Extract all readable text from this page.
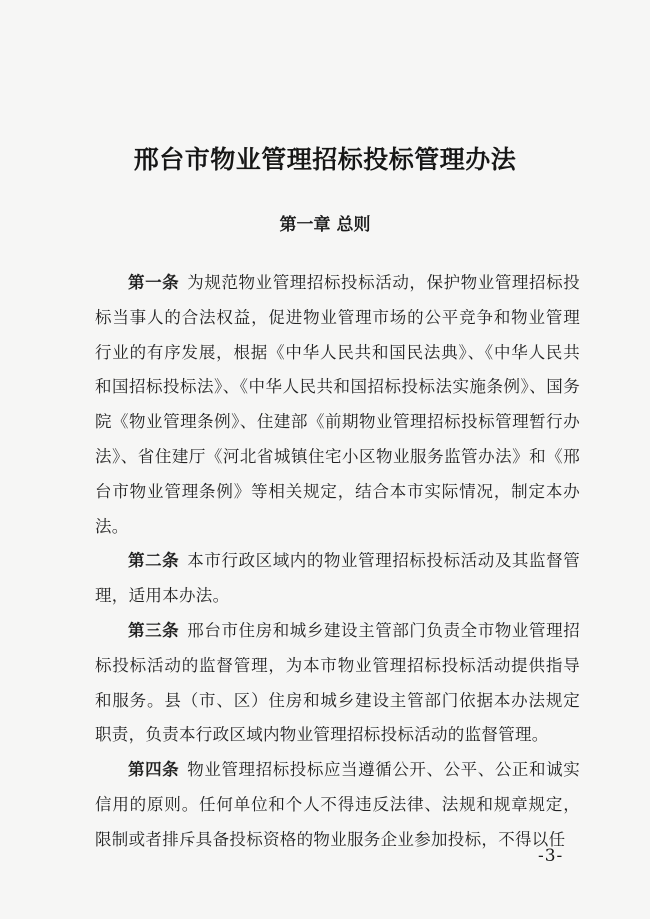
邢台市物业管理招标投标管理办法
第一章 总则

第一条 为规范物业管理招标投标活动，保护物业管理招标投标当事人的合法权益，促进物业管理市场的公平竞争和物业管理行业的有序发展，根据《中华人民共和国民法典》、《中华人民共和国招标投标法》、《中华人民共和国招标投标法实施条例》、国务院《物业管理条例》、住建部《前期物业管理招标投标管理暂行办法》、省住建厅《河北省城镇住宅小区物业服务监管办法》和《邢台市物业管理条例》等相关规定，结合本市实际情况，制定本办法。

第二条 本市行政区域内的物业管理招标投标活动及其监督管理，适用本办法。

第三条 邢台市住房和城乡建设主管部门负责全市物业管理招标投标活动的监督管理，为本市物业管理招标投标活动提供指导和服务。县（市、区）住房和城乡建设主管部门依据本办法规定职责，负责本行政区域内物业管理招标投标活动的监督管理。

第四条 物业管理招标投标应当遵循公开、公平、公正和诚实信用的原则。任何单位和个人不得违反法律、法规和规章规定，限制或者排斥具备投标资格的物业服务企业参加投标，不得以任

-3-
